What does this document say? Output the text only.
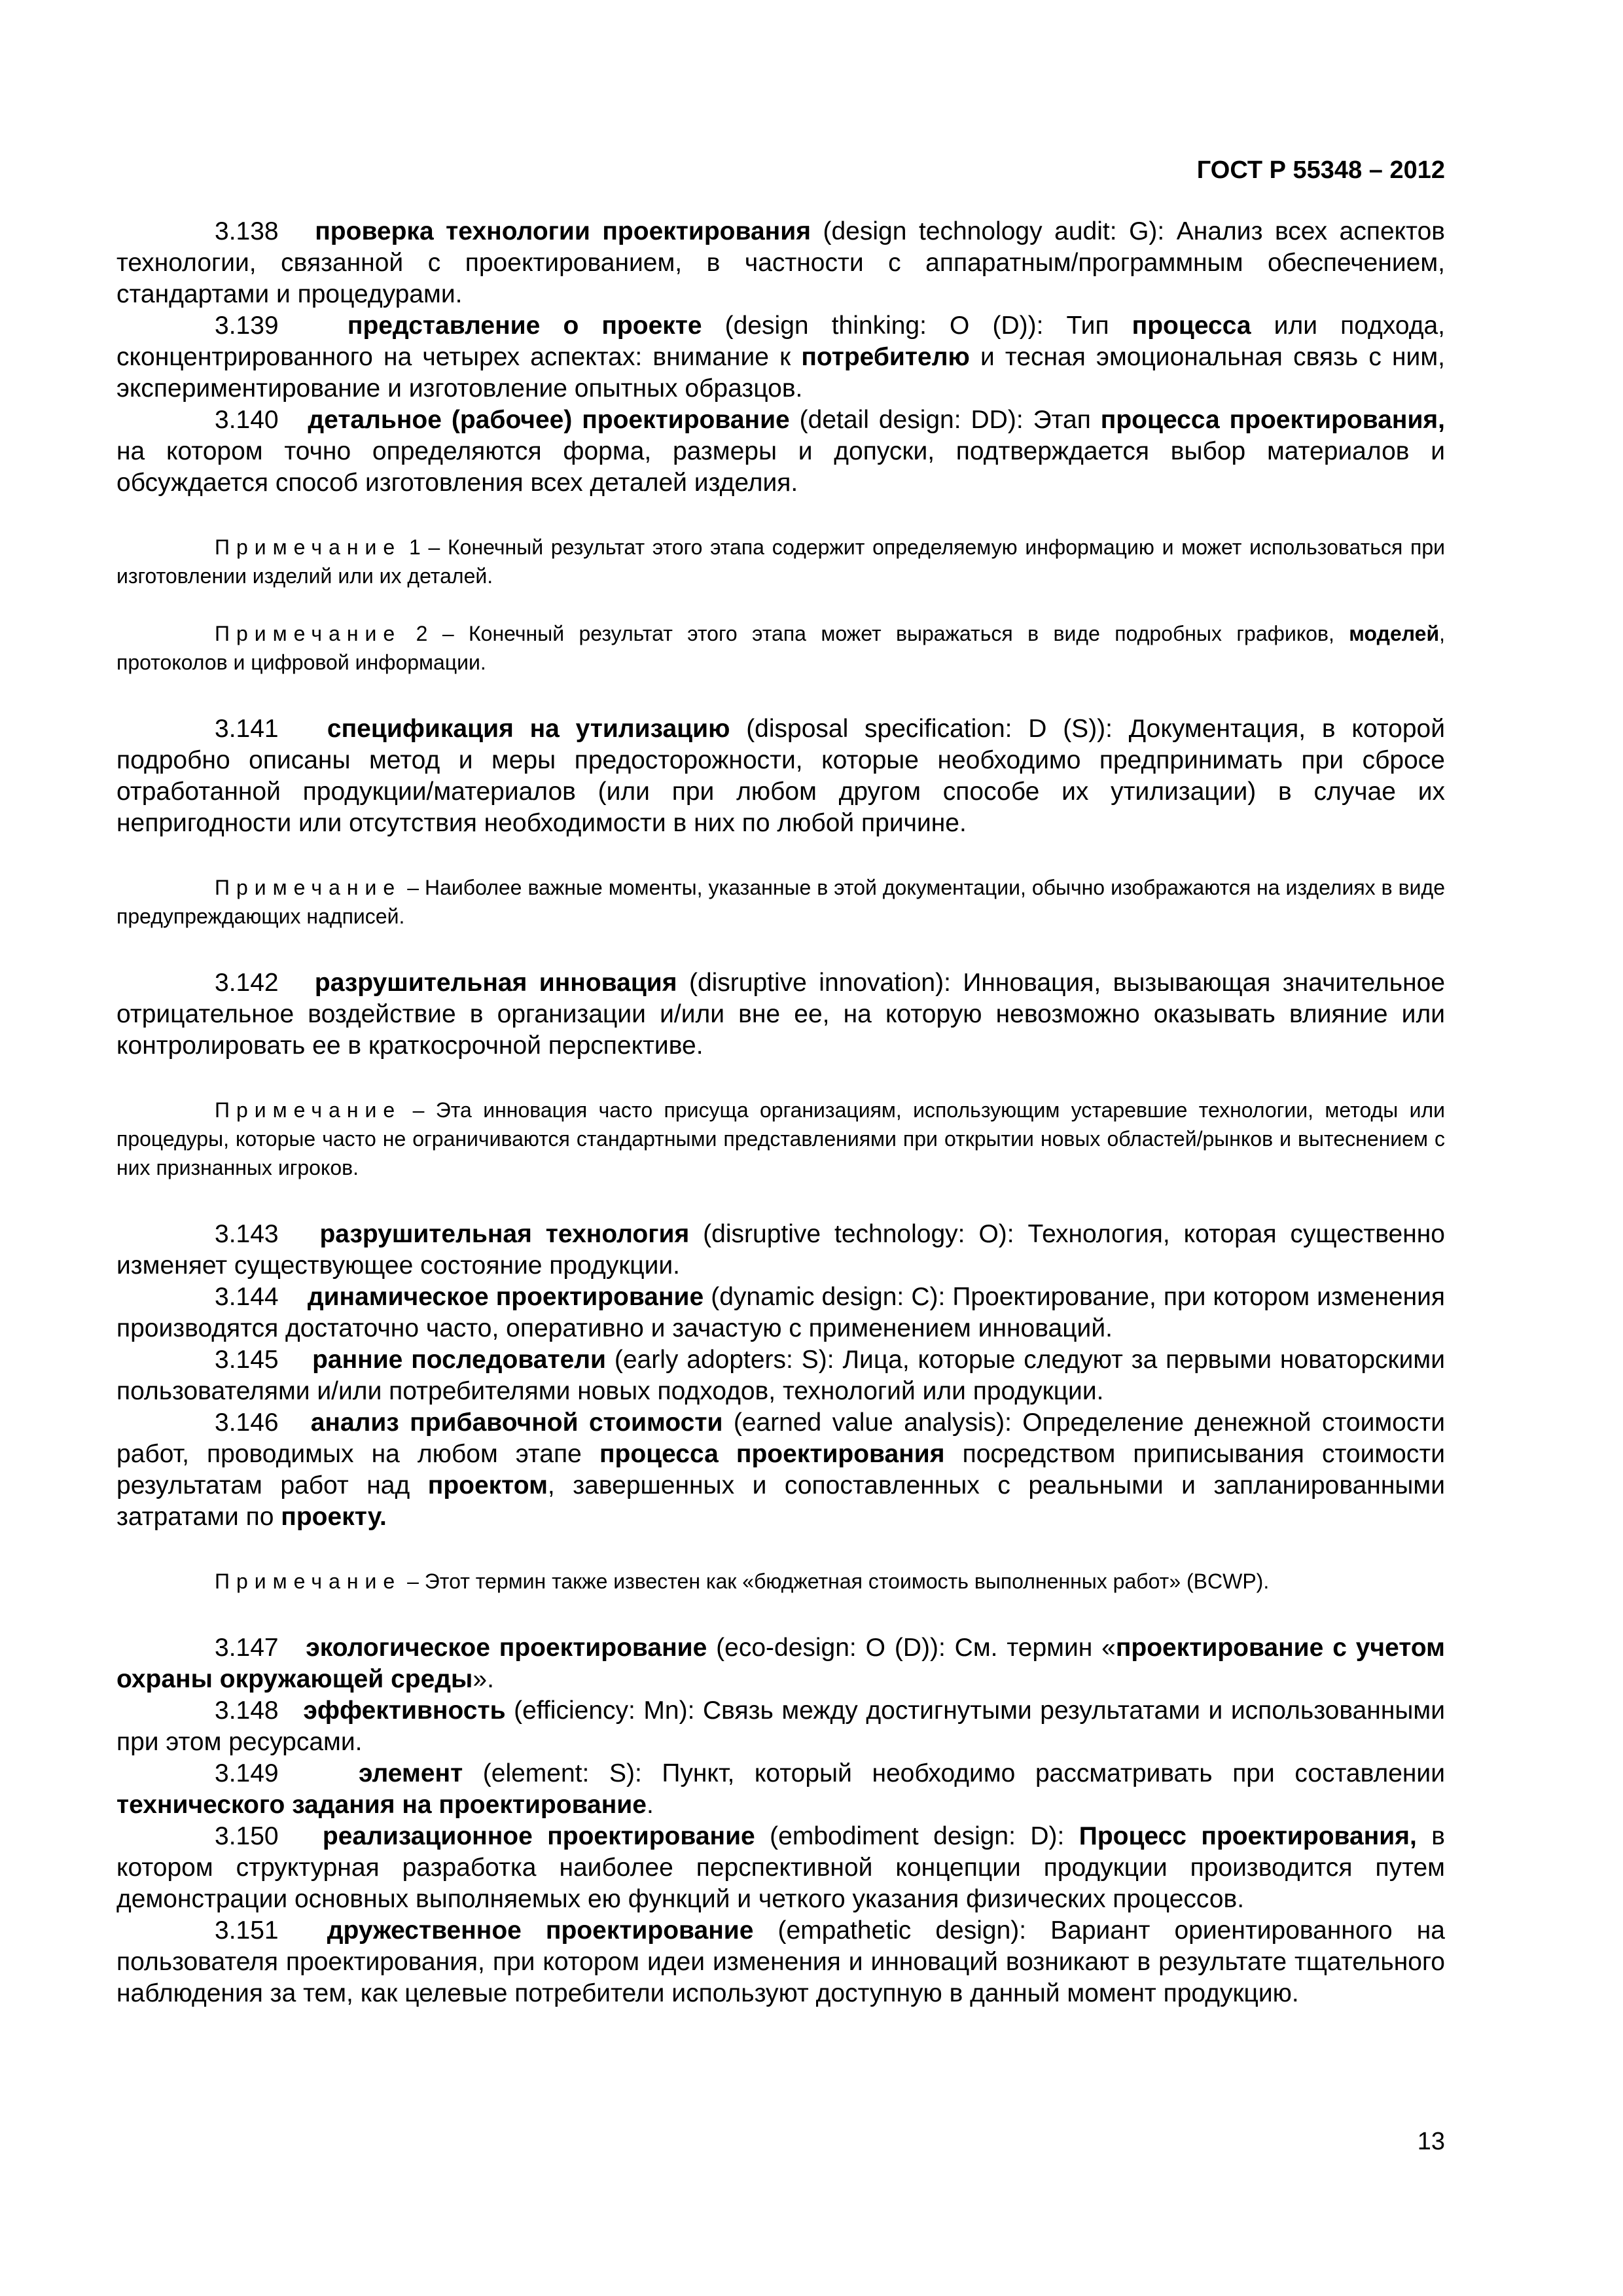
ГОСТ Р 55348 – 2012

3.138 проверка технологии проектирования (design technology audit: G): Анализ всех аспектов технологии, связанной с проектированием, в частности с аппаратным/программным обеспечением, стандартами и процедурами.

3.139	представление о проекте (design thinking: O (D)): Тип процесса или подхода, сконцентрированного на четырех аспектах: внимание к потребителю и тесная эмоциональная связь с ним, экспериментирование и изготовление опытных образцов.

3.140 детальное (рабочее) проектирование (detail design: DD): Этап процесса проектирования, на котором точно определяются форма, размеры и допуски, подтверждается выбор материалов и обсуждается способ изготовления всех деталей изделия.

Примечание 1 – Конечный результат этого этапа содержит определяемую информацию и может использоваться при изготовлении изделий или их деталей.

Примечание 2 – Конечный результат этого этапа может выражаться в виде подробных графиков, моделей, протоколов и цифровой информации.

3.141 спецификация на утилизацию (disposal specification: D (S)): Документация, в которой подробно описаны метод и меры предосторожности, которые необходимо предпринимать при сбросе отработанной продукции/материалов (или при любом другом способе их утилизации) в случае их непригодности или отсутствия необходимости в них по любой причине.

Примечание – Наиболее важные моменты, указанные в этой документации, обычно изображаются на изделиях в виде предупреждающих надписей.

3.142 разрушительная инновация (disruptive innovation): Инновация, вызывающая значительное отрицательное воздействие в организации и/или вне ее, на которую невозможно оказывать влияние или контролировать ее в краткосрочной перспективе.

Примечание – Эта инновация часто присуща организациям, использующим устаревшие технологии, методы или процедуры, которые часто не ограничиваются стандартными представлениями при открытии новых областей/рынков и вытеснением с них признанных игроков.

3.143 разрушительная технология (disruptive technology: O): Технология, которая существенно изменяет существующее состояние продукции.

3.144 динамическое проектирование (dynamic design: C): Проектирование, при котором изменения производятся достаточно часто, оперативно и зачастую с применением инноваций.

3.145 ранние последователи (early adopters: S): Лица, которые следуют за первыми новаторскими пользователями и/или потребителями новых подходов, технологий или продукции.

3.146 анализ прибавочной стоимости (earned value analysis): Определение денежной стоимости работ, проводимых на любом этапе процесса проектирования посредством приписывания стоимости результатам работ над проектом, завершенных и сопоставленных с реальными и запланированными затратами по проекту.

Примечание – Этот термин также известен как «бюджетная стоимость выполненных работ» (BCWP).

3.147 экологическое проектирование (eco-design: O (D)): См. термин «проектирование с учетом охраны окружающей среды».

3.148 эффективность (efficiency: Mn): Связь между достигнутыми результатами и использованными при этом ресурсами.

3.149	элемент (element: S): Пункт, который необходимо рассматривать при составлении технического задания на проектирование.

3.150 реализационное проектирование (embodiment design: D): Процесс проектирования, в котором структурная разработка наиболее перспективной концепции продукции производится путем демонстрации основных выполняемых ею функций и четкого указания физических процессов.

3.151 дружественное проектирование (empathetic design): Вариант ориентированного на пользователя проектирования, при котором идеи изменения и инноваций возникают в результате тщательного наблюдения за тем, как целевые потребители используют доступную в данный момент продукцию.

13
